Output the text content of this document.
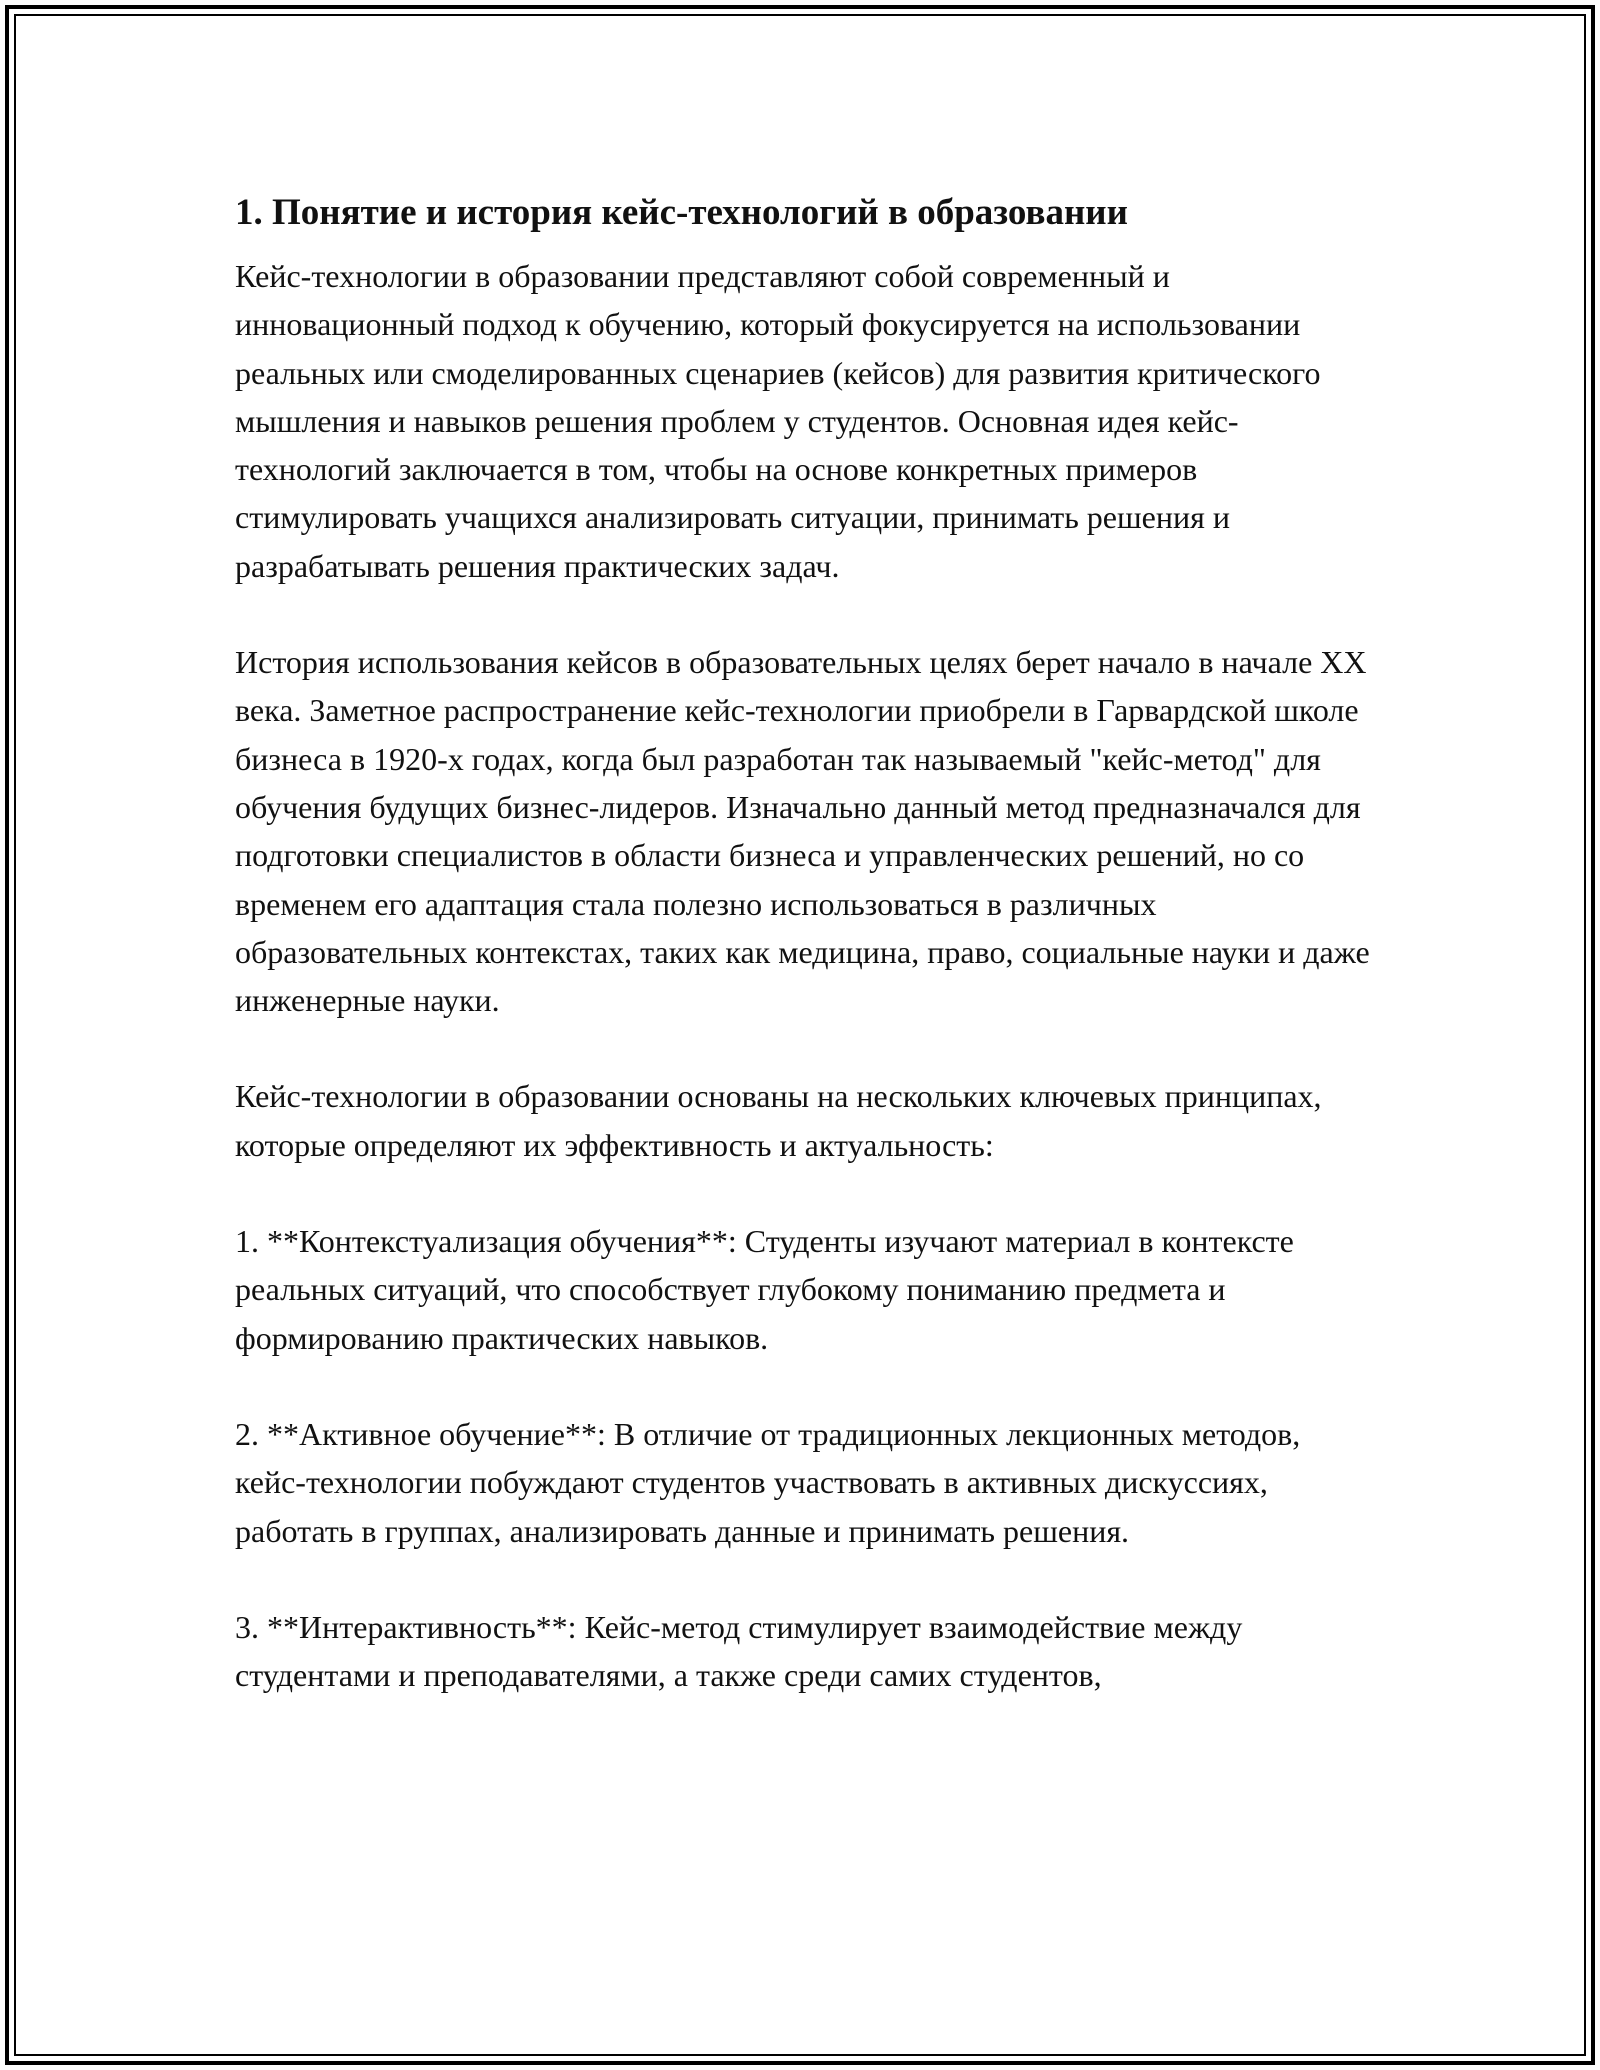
1. Понятие и история кейс-технологий в образовании

Кейс-технологии в образовании представляют собой современный и инновационный подход к обучению, который фокусируется на использовании реальных или смоделированных сценариев (кейсов) для развития критического мышления и навыков решения проблем у студентов. Основная идея кейс-технологий заключается в том, чтобы на основе конкретных примеров стимулировать учащихся анализировать ситуации, принимать решения и разрабатывать решения практических задач.

История использования кейсов в образовательных целях берет начало в начале XX века. Заметное распространение кейс-технологии приобрели в Гарвардской школе бизнеса в 1920-х годах, когда был разработан так называемый "кейс-метод" для обучения будущих бизнес-лидеров. Изначально данный метод предназначался для подготовки специалистов в области бизнеса и управленческих решений, но со временем его адаптация стала полезно использоваться в различных образовательных контекстах, таких как медицина, право, социальные науки и даже инженерные науки.

Кейс-технологии в образовании основаны на нескольких ключевых принципах, которые определяют их эффективность и актуальность:

1. **Контекстуализация обучения**: Студенты изучают материал в контексте реальных ситуаций, что способствует глубокому пониманию предмета и формированию практических навыков.

2. **Активное обучение**: В отличие от традиционных лекционных методов, кейс-технологии побуждают студентов участвовать в активных дискуссиях, работать в группах, анализировать данные и принимать решения.

3. **Интерактивность**: Кейс-метод стимулирует взаимодействие между студентами и преподавателями, а также среди самих студентов,
